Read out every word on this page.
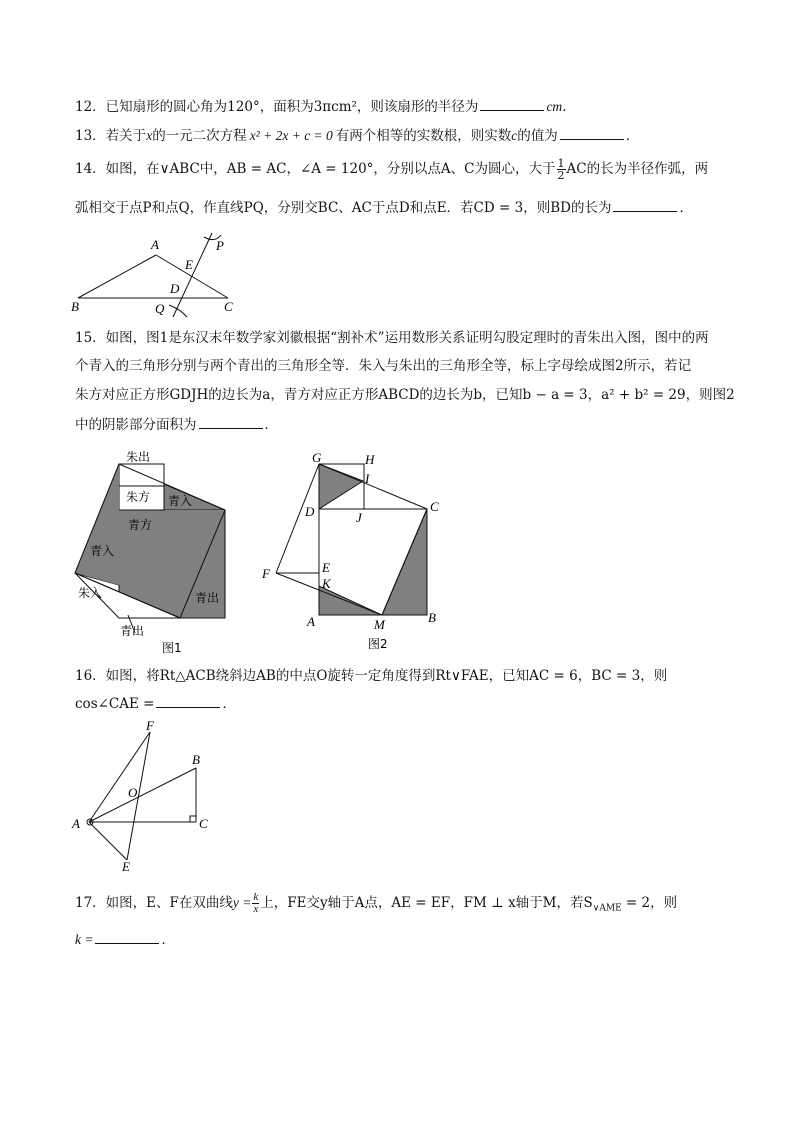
12．已知扇形的圆心角为120°，面积为3πcm²，则该扇形的半径为	cm．
13．若关于x的一元二次方程 x² + 2x + c = 0 有两个相等的实数根，则实数c的值为	．
14．如图，在∨ABC中，AB = AC，∠A = 120°，分别以点A、C为圆心，大于 $\frac{1}{2}$ AC的长为半径作弧，两
弧相交于点P和点Q，作直线PQ，分别交BC、AC于点D和点E．若CD = 3，则BD的长为	．
A
B	C
D
E
P
Q
15．如图，图1是东汉末年数学家刘徽根据“割补术”运用数形关系证明勾股定理时的青朱出入图，图中的两
个青入的三角形分别与两个青出的三角形全等．朱入与朱出的三角形全等，标上字母绘成图2所示，若记
朱方对应正方形GDJH的边长为a，青方对应正方形ABCD的边长为b，已知b − a = 3，a² + b² = 29，则图2
中的阴影部分面积为	．
朱出
朱方 青入
青方
青入
朱入	青出
青出
图1
G	H
I
C
D	J
F	E
K
A	M	B
图2
16．如图，将Rt△ACB绕斜边AB的中点O旋转一定角度得到Rt∨FAE，已知AC = 6，BC = 3，则
cos∠CAE =	．
F
B
O
A	C
E
17．如图，E、F在双曲线$y = \frac{k}{x}$ 上，FE交y轴于A点，AE = EF，FM ⊥ x轴于M，若$S_{\vee AME} = 2$，则
k =	．
